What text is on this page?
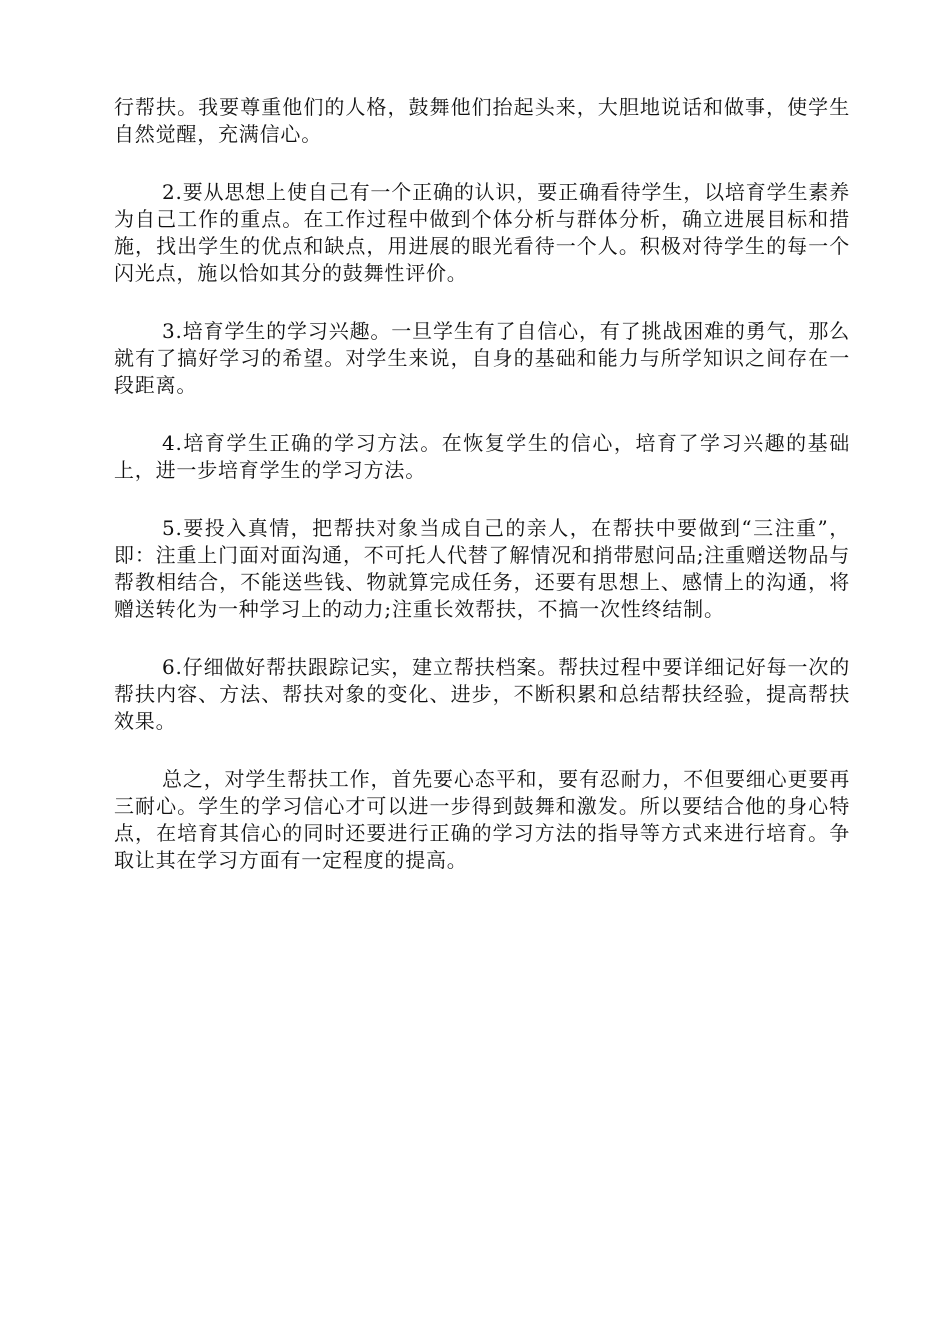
行帮扶。我要尊重他们的人格，鼓舞他们抬起头来，大胆地说话和做事，使学生自然觉醒，充满信心。

2.要从思想上使自己有一个正确的认识，要正确看待学生，以培育学生素养为自己工作的重点。在工作过程中做到个体分析与群体分析，确立进展目标和措施，找出学生的优点和缺点，用进展的眼光看待一个人。积极对待学生的每一个闪光点，施以恰如其分的鼓舞性评价。

3.培育学生的学习兴趣。一旦学生有了自信心，有了挑战困难的勇气，那么就有了搞好学习的希望。对学生来说，自身的基础和能力与所学知识之间存在一段距离。

4.培育学生正确的学习方法。在恢复学生的信心，培育了学习兴趣的基础上，进一步培育学生的学习方法。

5.要投入真情，把帮扶对象当成自己的亲人，在帮扶中要做到“三注重”，即：注重上门面对面沟通，不可托人代替了解情况和捎带慰问品;注重赠送物品与帮教相结合，不能送些钱、物就算完成任务，还要有思想上、感情上的沟通，将赠送转化为一种学习上的动力;注重长效帮扶，不搞一次性终结制。

6.仔细做好帮扶跟踪记实，建立帮扶档案。帮扶过程中要详细记好每一次的帮扶内容、方法、帮扶对象的变化、进步，不断积累和总结帮扶经验，提高帮扶效果。

总之，对学生帮扶工作，首先要心态平和，要有忍耐力，不但要细心更要再三耐心。学生的学习信心才可以进一步得到鼓舞和激发。所以要结合他的身心特点，在培育其信心的同时还要进行正确的学习方法的指导等方式来进行培育。争取让其在学习方面有一定程度的提高。
